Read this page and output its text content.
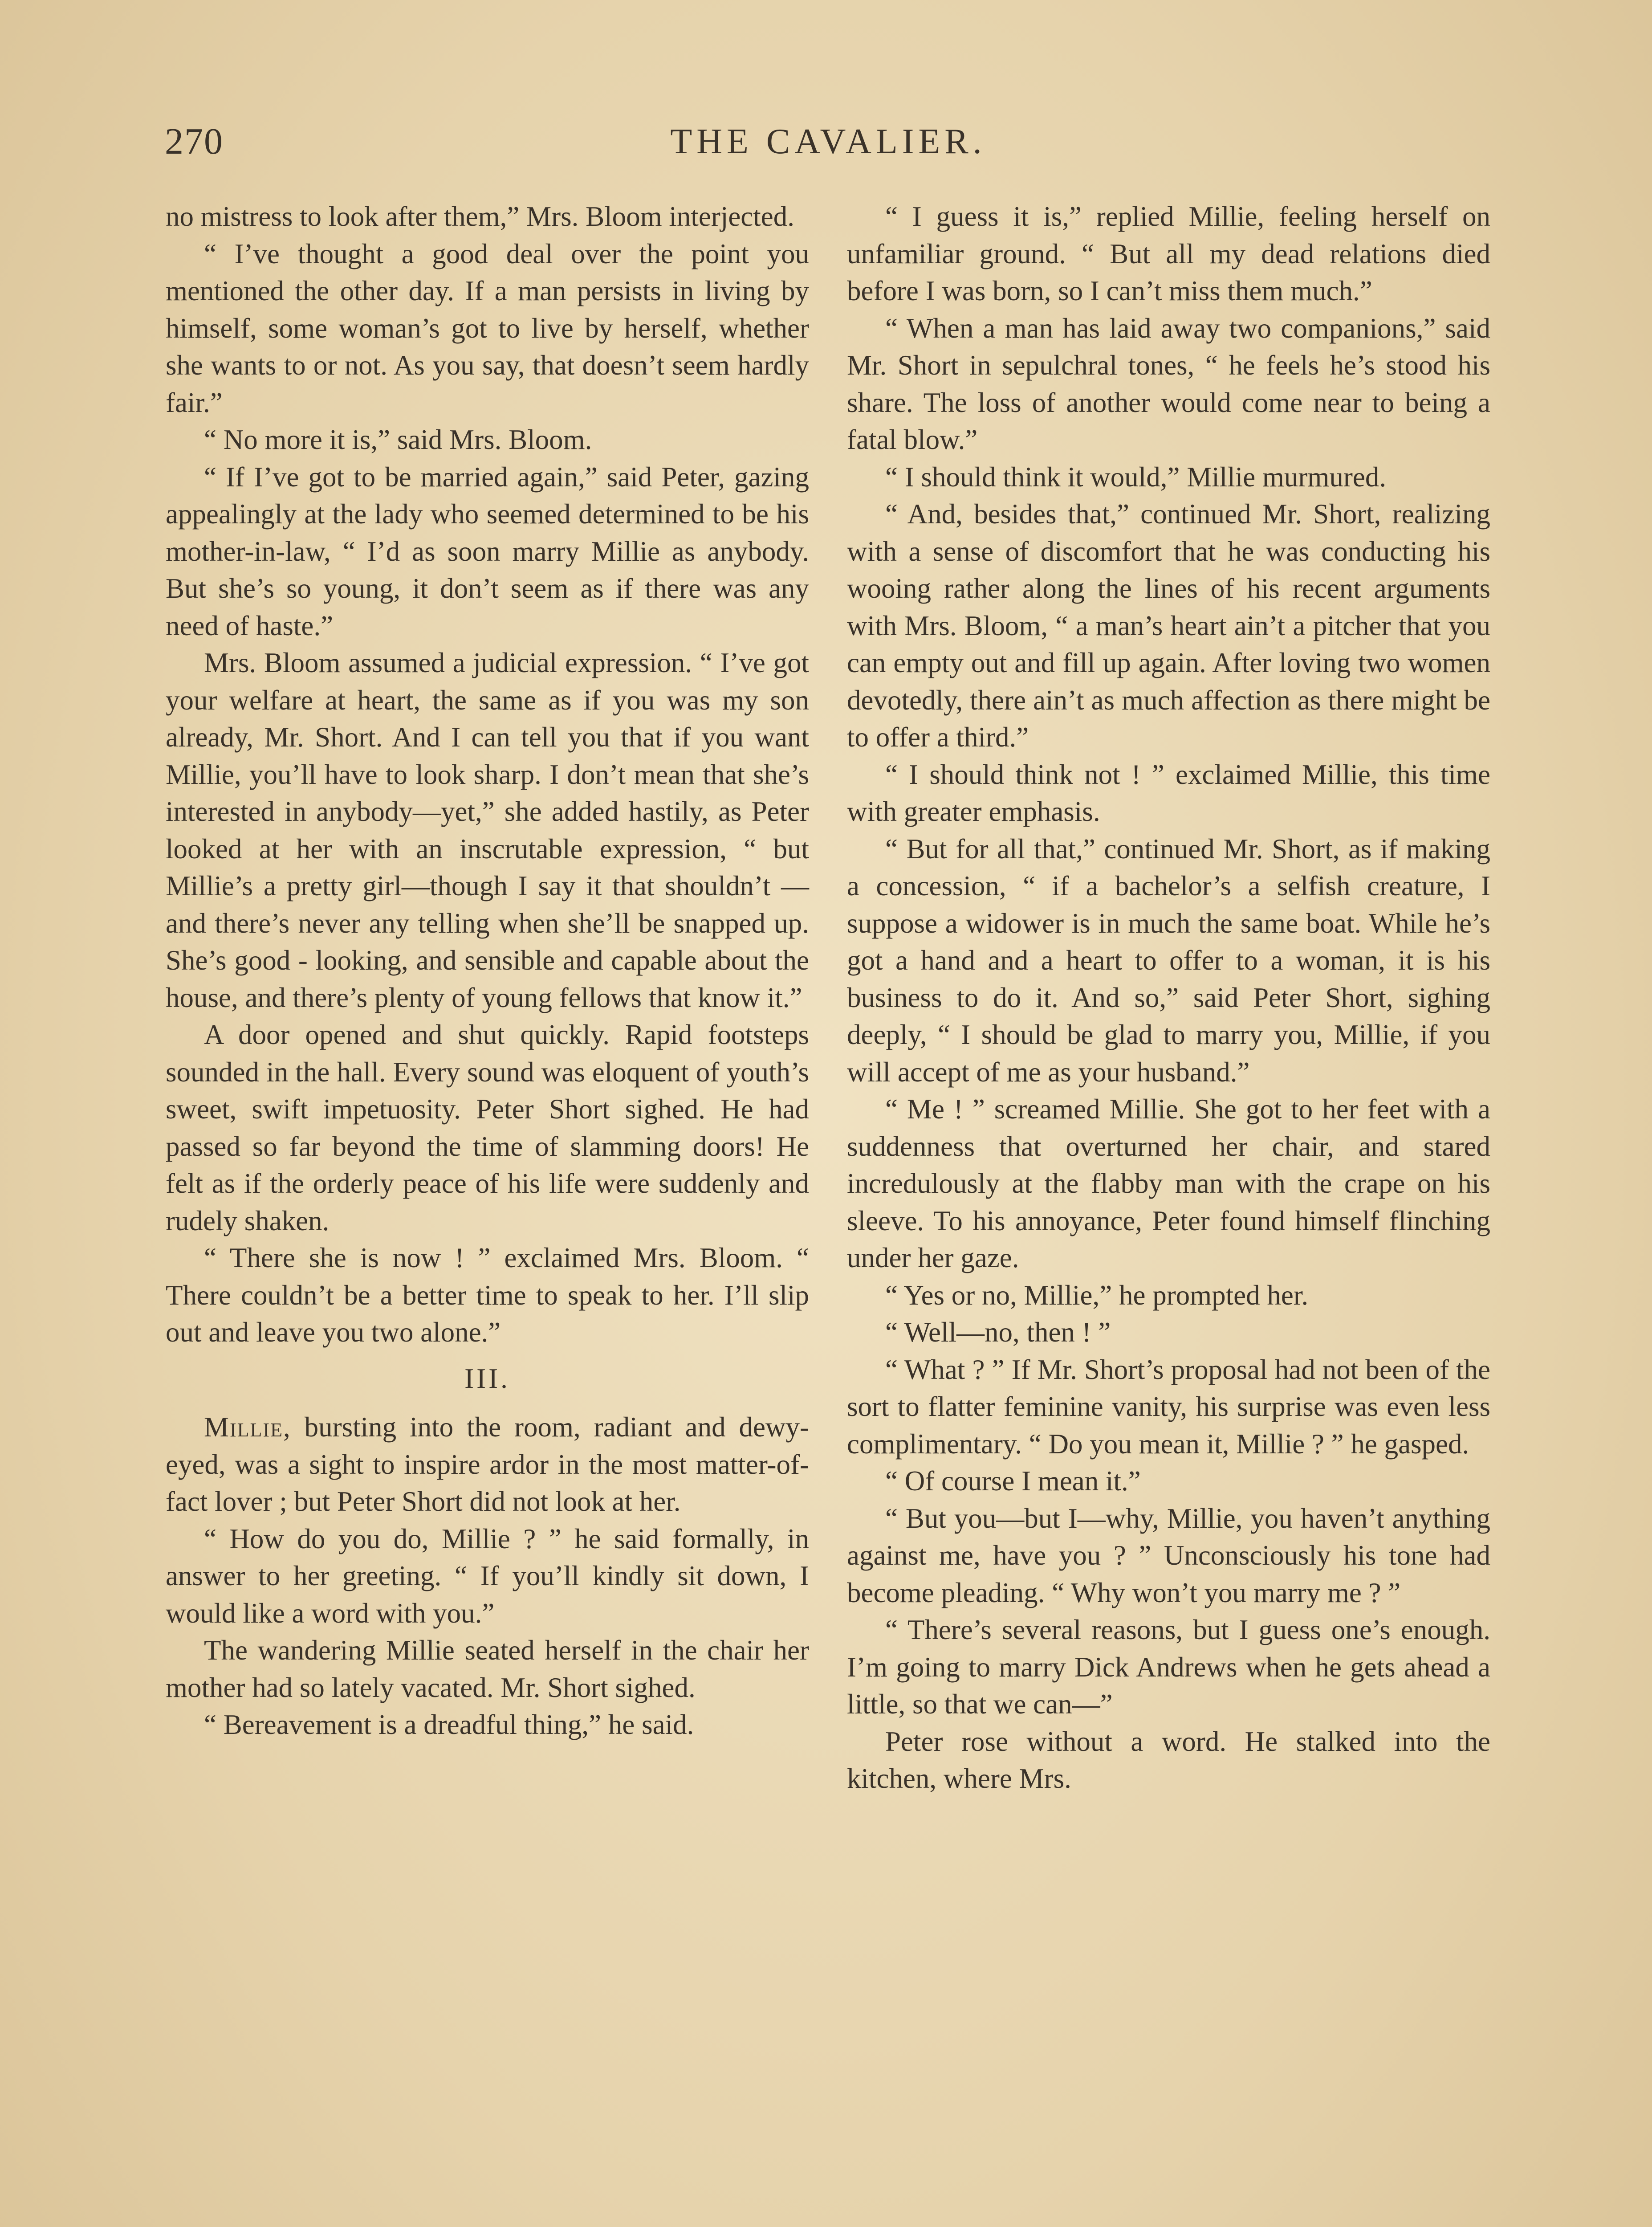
270	THE CAVALIER.

no mistress to look after them,” Mrs. Bloom interjected.

“ I’ve thought a good deal over the point you mentioned the other day. If a man persists in living by himself, some woman’s got to live by herself, whether she wants to or not. As you say, that doesn’t seem hardly fair.”

“ No more it is,” said Mrs. Bloom.

“ If I’ve got to be married again,” said Peter, gazing appealingly at the lady who seemed determined to be his mother-in-law, “ I’d as soon marry Millie as anybody. But she’s so young, it don’t seem as if there was any need of haste.”

Mrs. Bloom assumed a judicial expression. “ I’ve got your welfare at heart, the same as if you was my son already, Mr. Short. And I can tell you that if you want Millie, you’ll have to look sharp. I don’t mean that she’s interested in anybody—yet,” she added hastily, as Peter looked at her with an inscrutable expression, “ but Millie’s a pretty girl—though I say it that shouldn’t — and there’s never any telling when she’ll be snapped up. She’s good - looking, and sensible and capable about the house, and there’s plenty of young fellows that know it.”

A door opened and shut quickly. Rapid footsteps sounded in the hall. Every sound was eloquent of youth’s sweet, swift impetuosity. Peter Short sighed. He had passed so far beyond the time of slamming doors! He felt as if the orderly peace of his life were suddenly and rudely shaken.

“ There she is now ! ” exclaimed Mrs. Bloom. “ There couldn’t be a better time to speak to her. I’ll slip out and leave you two alone.”

III.

Millie, bursting into the room, radiant and dewy-eyed, was a sight to inspire ardor in the most matter-of-fact lover ; but Peter Short did not look at her.

“ How do you do, Millie ? ” he said formally, in answer to her greeting. “ If you’ll kindly sit down, I would like a word with you.”

The wandering Millie seated herself in the chair her mother had so lately vacated. Mr. Short sighed.

“ Bereavement is a dreadful thing,” he said.

“ I guess it is,” replied Millie, feeling herself on unfamiliar ground. “ But all my dead relations died before I was born, so I can’t miss them much.”

“ When a man has laid away two companions,” said Mr. Short in sepulchral tones, “ he feels he’s stood his share. The loss of another would come near to being a fatal blow.”

“ I should think it would,” Millie murmured.

“ And, besides that,” continued Mr. Short, realizing with a sense of discomfort that he was conducting his wooing rather along the lines of his recent arguments with Mrs. Bloom, “ a man’s heart ain’t a pitcher that you can empty out and fill up again. After loving two women devotedly, there ain’t as much affection as there might be to offer a third.”

“ I should think not ! ” exclaimed Millie, this time with greater emphasis.

“ But for all that,” continued Mr. Short, as if making a concession, “ if a bachelor’s a selfish creature, I suppose a widower is in much the same boat. While he’s got a hand and a heart to offer to a woman, it is his business to do it. And so,” said Peter Short, sighing deeply, “ I should be glad to marry you, Millie, if you will accept of me as your husband.”

“ Me ! ” screamed Millie. She got to her feet with a suddenness that overturned her chair, and stared incredulously at the flabby man with the crape on his sleeve. To his annoyance, Peter found himself flinching under her gaze.

“ Yes or no, Millie,” he prompted her.

“ Well—no, then ! ”

“ What ? ” If Mr. Short’s proposal had not been of the sort to flatter feminine vanity, his surprise was even less complimentary. “ Do you mean it, Millie ? ” he gasped.

“ Of course I mean it.”

“ But you—but I—why, Millie, you haven’t anything against me, have you ? ” Unconsciously his tone had become pleading. “ Why won’t you marry me ? ”

“ There’s several reasons, but I guess one’s enough. I’m going to marry Dick Andrews when he gets ahead a little, so that we can—”

Peter rose without a word. He stalked into the kitchen, where Mrs.
